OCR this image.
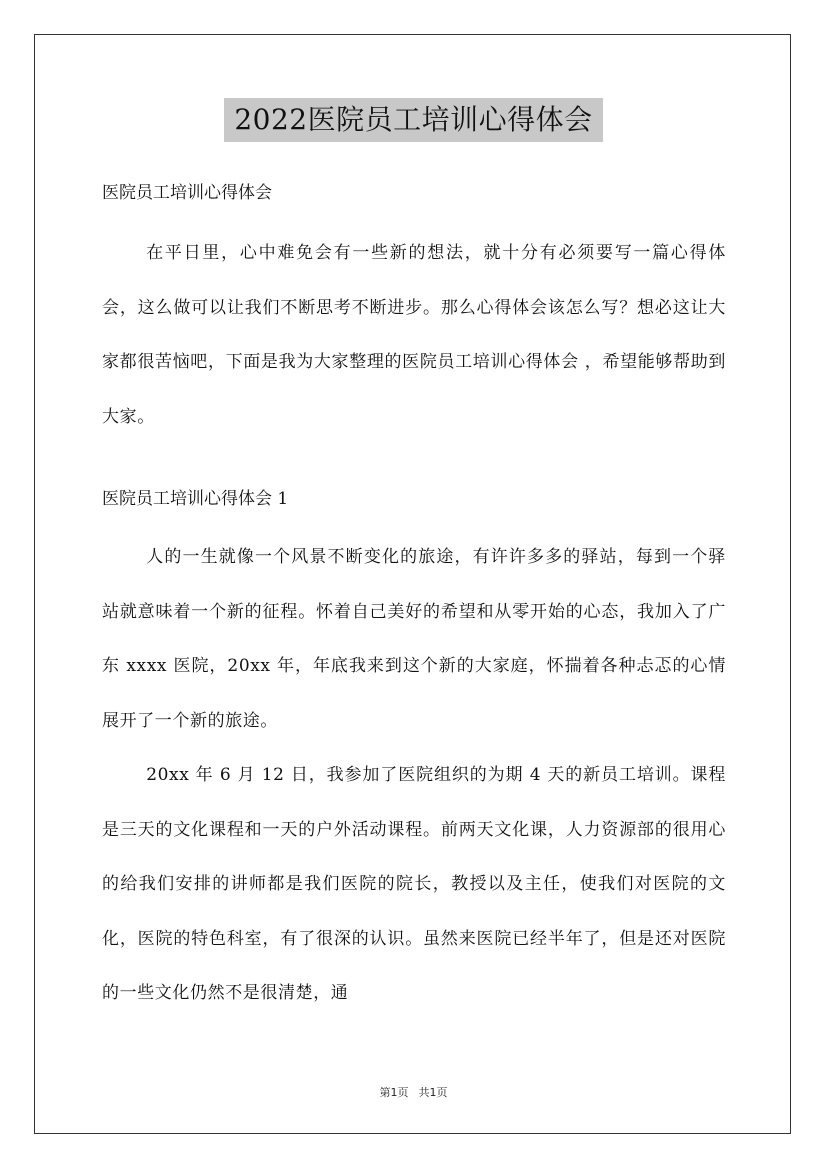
2022医院员工培训心得体会

医院员工培训心得体会

在平日里，心中难免会有一些新的想法，就十分有必须要写一篇心得体会，这么做可以让我们不断思考不断进步。那么心得体会该怎么写？想必这让大家都很苦恼吧，下面是我为大家整理的医院员工培训心得体会 ，希望能够帮助到大家。

医院员工培训心得体会 1

人的一生就像一个风景不断变化的旅途，有许许多多的驿站，每到一个驿站就意味着一个新的征程。怀着自己美好的希望和从零开始的心态，我加入了广东 xxxx 医院，20xx 年，年底我来到这个新的大家庭，怀揣着各种忐忑的心情展开了一个新的旅途。

20xx 年 6 月 12 日，我参加了医院组织的为期 4 天的新员工培训。课程是三天的文化课程和一天的户外活动课程。前两天文化课，人力资源部的很用心的给我们安排的讲师都是我们医院的院长，教授以及主任，使我们对医院的文化，医院的特色科室，有了很深的认识。虽然来医院已经半年了，但是还对医院的一些文化仍然不是很清楚，通

第1页 共1页
